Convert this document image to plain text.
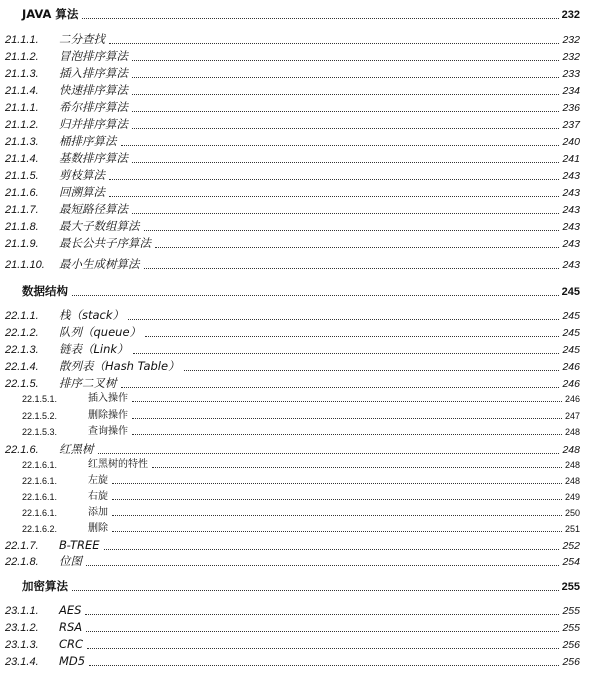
JAVA 算法	232
21.1.1.	二分查找	232
21.1.2.	冒泡排序算法	232
21.1.3.	插入排序算法	233
21.1.4.	快速排序算法	234
21.1.1.	希尔排序算法	236
21.1.2.	归并排序算法	237
21.1.3.	桶排序算法	240
21.1.4.	基数排序算法	241
21.1.5.	剪枝算法	243
21.1.6.	回溯算法	243
21.1.7.	最短路径算法	243
21.1.8.	最大子数组算法	243
21.1.9.	最长公共子序算法	243
21.1.10.	最小生成树算法	243
数据结构	245
22.1.1.	栈（stack）	245
22.1.2.	队列（queue）	245
22.1.3.	链表（Link）	245
22.1.4.	散列表（Hash Table）	246
22.1.5.	排序二叉树	246
22.1.5.1.	插入操作	246
22.1.5.2.	删除操作	247
22.1.5.3.	查询操作	248
22.1.6.	红黑树	248
22.1.6.1.	红黑树的特性	248
22.1.6.1.	左旋	248
22.1.6.1.	右旋	249
22.1.6.1.	添加	250
22.1.6.2.	删除	251
22.1.7.	B-TREE	252
22.1.8.	位图	254
加密算法	255
23.1.1.	AES	255
23.1.2.	RSA	255
23.1.3.	CRC	256
23.1.4.	MD5	256
